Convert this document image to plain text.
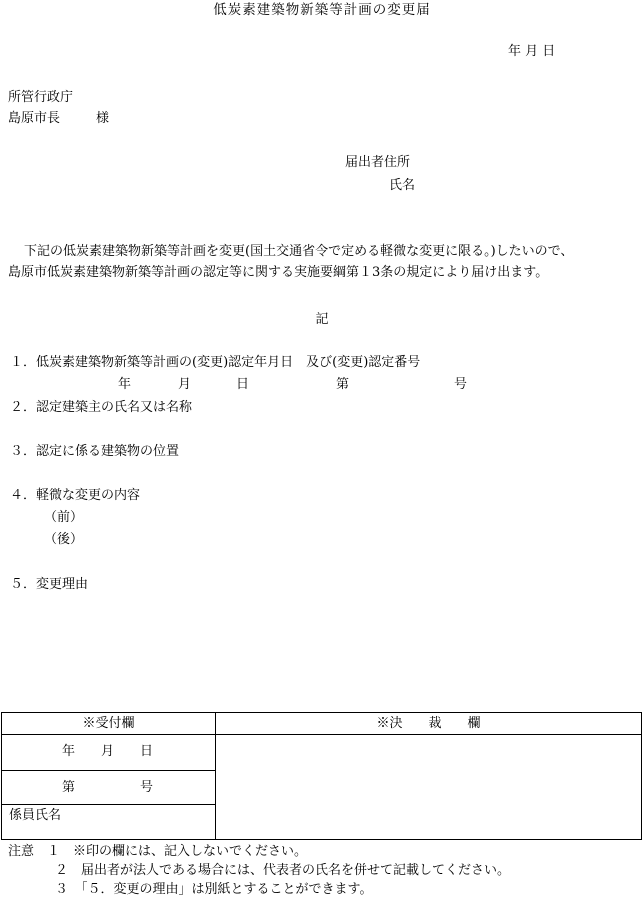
低炭素建築物新築等計画の変更届
年 月 日
所管行政庁
島原市長	様
届出者住所
氏名
下記の低炭素建築物新築等計画を変更(国土交通省令で定める軽微な変更に限る。)したいので、
島原市低炭素建築物新築等計画の認定等に関する実施要綱第１3条の規定により届け出ます。
記
１．低炭素建築物新築等計画の(変更)認定年月日　及び(変更)認定番号
年	月	日	第	号
２．認定建築主の氏名又は名称
３．認定に係る建築物の位置
４．軽微な変更の内容
（前）
（後）
５．変更理由
※受付欄	※決　　裁　　欄
年　　月　　日
第　　　　　号
係員氏名
注意　１　※印の欄には、記入しないでください。
２　届出者が法人である場合には、代表者の氏名を併せて記載してください。
３　「５．変更の理由」は別紙とすることができます。
